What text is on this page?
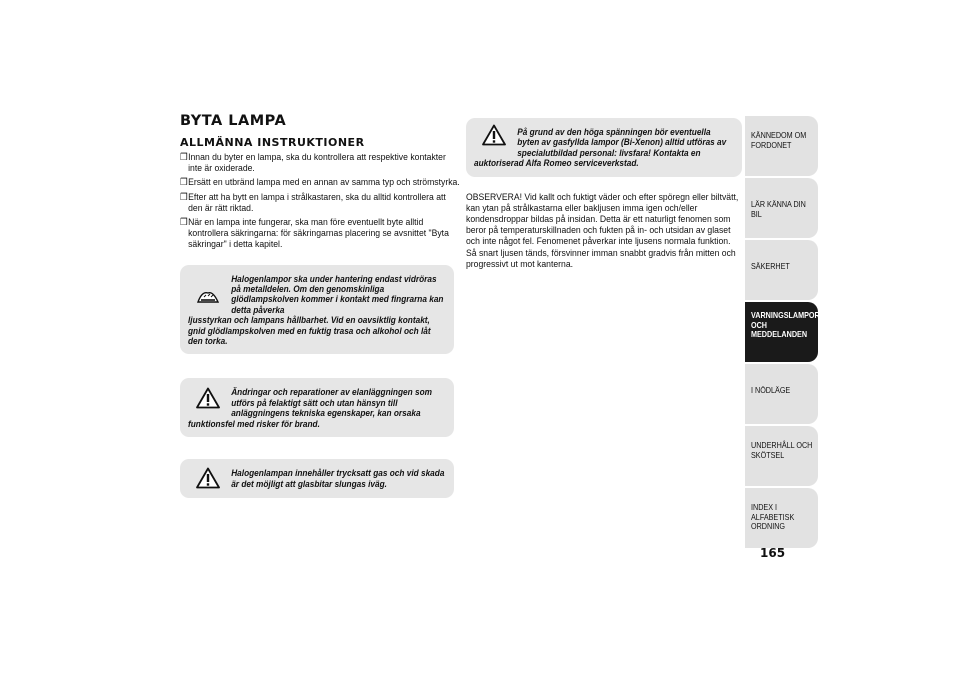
BYTA LAMPA
ALLMÄNNA INSTRUKTIONER
❒ Innan du byter en lampa, ska du kontrollera att respektive kontakter inte är oxiderade.
❒ Ersätt en utbränd lampa med en annan av samma typ och strömstyrka.
❒ Efter att ha bytt en lampa i strålkastaren, ska du alltid kontrollera att den är rätt riktad.
❒ När en lampa inte fungerar, ska man före eventuellt byte alltid kontrollera säkringarna: för säkringarnas placering se avsnittet "Byta säkringar" i detta kapitel.
Halogenlampor ska under hantering endast vidröras på metalldelen. Om den genomskinliga glödlampskolven kommer i kontakt med fingrarna kan detta påverka
ljusstyrkan och lampans hållbarhet. Vid en oavsiktlig kontakt, gnid glödlampskolven med en fuktig trasa och alkohol och låt den torka.
Ändringar och reparationer av elanläggningen som utförs på felaktigt sätt och utan hänsyn till anläggningens tekniska egenskaper, kan orsaka
funktionsfel med risker för brand.
Halogenlampan innehåller trycksatt gas och vid skada är det möjligt att glasbitar slungas iväg.
På grund av den höga spänningen bör eventuella byten av gasfyllda lampor (Bi-Xenon) alltid utföras av specialutbildad personal: livsfara! Kontakta en
auktoriserad Alfa Romeo serviceverkstad.

OBSERVERA! Vid kallt och fuktigt väder och efter spöregn eller biltvätt, kan ytan på strålkastarna eller bakljusen imma igen och/eller kondensdroppar bildas på insidan. Detta är ett naturligt fenomen som beror på temperaturskillnaden och fukten på in- och utsidan av glaset och inte något fel. Fenomenet påverkar inte ljusens normala funktion. Så snart ljusen tänds, försvinner imman snabbt gradvis från mitten och progressivt ut mot kanterna.

KÄNNEDOM OM FORDONET
LÄR KÄNNA DIN BIL
SÄKERHET
VARNINGSLAMPOR OCH MEDDELANDEN
I NÖDLÄGE
UNDERHÅLL OCH SKÖTSEL
INDEX I ALFABETISK ORDNING
165
